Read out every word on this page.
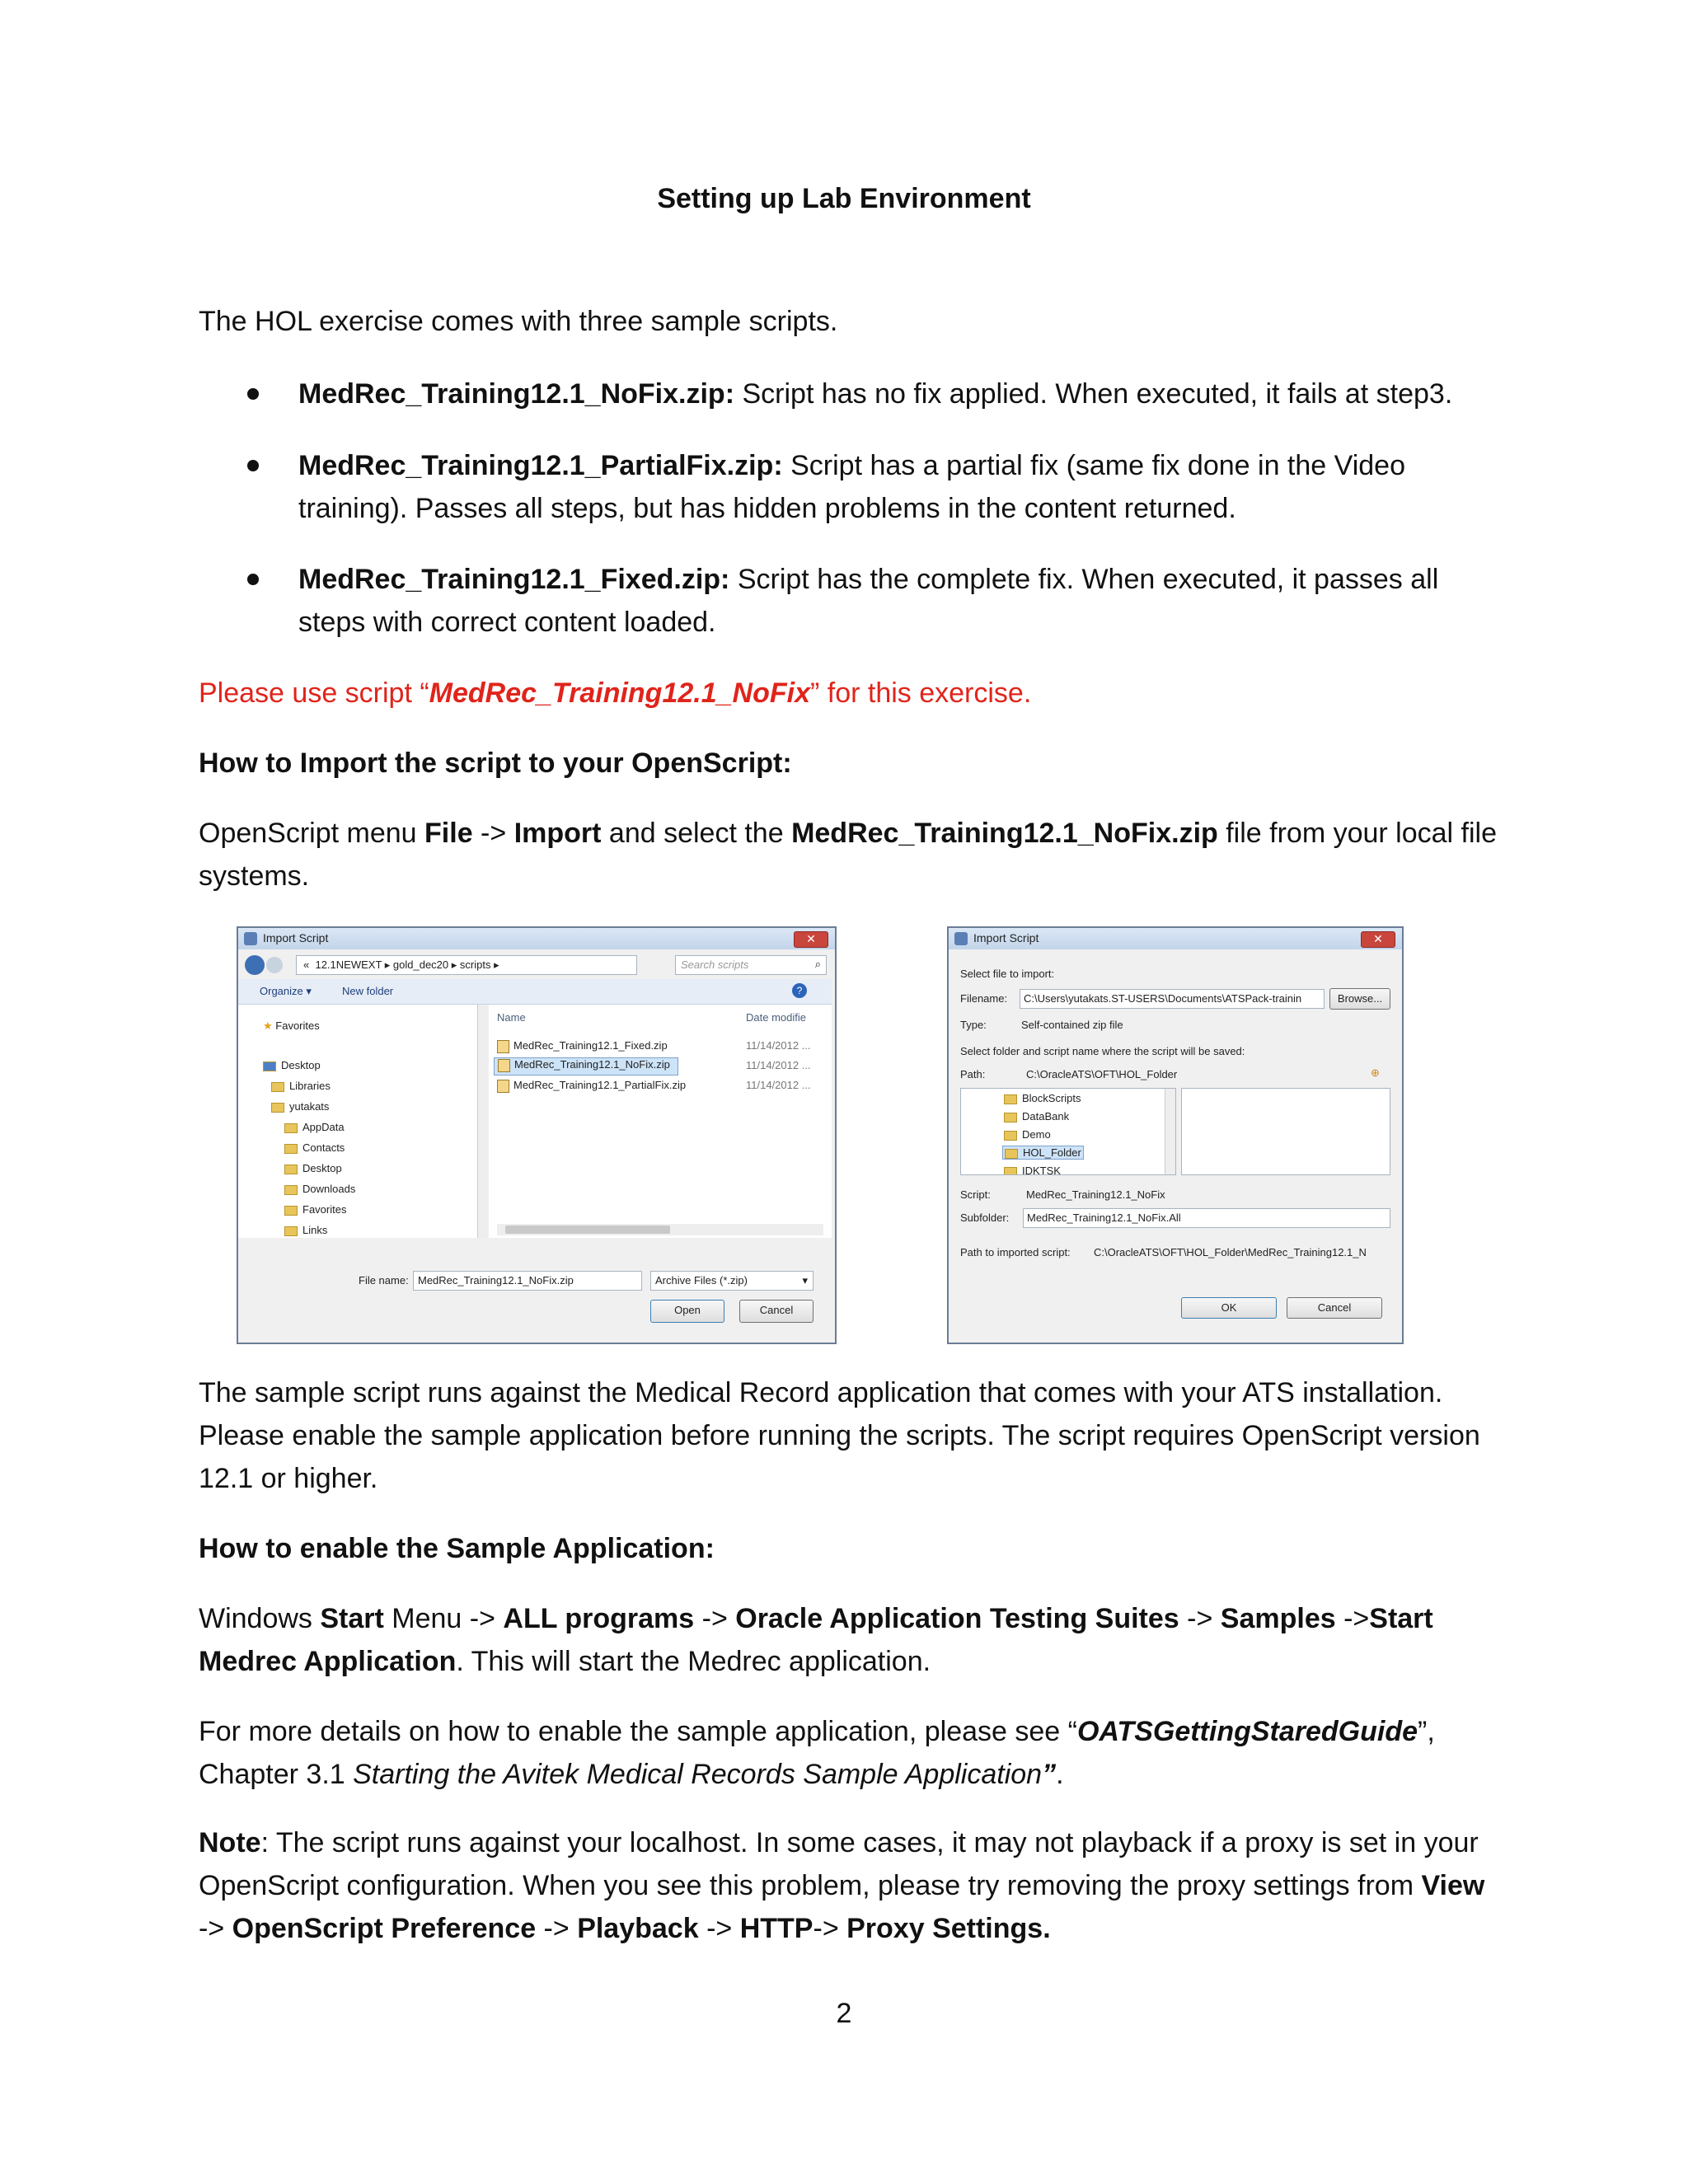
Setting up Lab Environment
The HOL exercise comes with three sample scripts.
MedRec_Training12.1_NoFix.zip: Script has no fix applied. When executed, it fails at step3.
MedRec_Training12.1_PartialFix.zip: Script has a partial fix (same fix done in the Video training). Passes all steps, but has hidden problems in the content returned.
MedRec_Training12.1_Fixed.zip: Script has the complete fix. When executed, it passes all steps with correct content loaded.
Please use script “MedRec_Training12.1_NoFix” for this exercise.
How to Import the script to your OpenScript:
OpenScript menu File -> Import and select the MedRec_Training12.1_NoFix.zip file from your local file systems.
Import Script	✕
« 12.1NEWEXT ▸ gold_dec20 ▸ scripts ▸	Search scripts	⌕
Organize ▾	New folder	?
★ Favorites
Desktop
Libraries
yutakats
AppData
Contacts
Desktop
Downloads
Favorites
Links
Name	Date modifie
MedRec_Training12.1_Fixed.zip	11/14/2012 ...
MedRec_Training12.1_NoFix.zip	11/14/2012 ...
MedRec_Training12.1_PartialFix.zip	11/14/2012 ...
File name: MedRec_Training12.1_NoFix.zip	Archive Files (*.zip)	▾
Open	Cancel
Import Script	✕
Select file to import:
Filename: C:\Users\yutakats.ST-USERS\Documents\ATSPack-trainin	Browse...
Type:	Self-contained zip file
Select folder and script name where the script will be saved:
Path:	C:\OracleATS\OFT\HOL_Folder	⊕
BlockScripts
DataBank
Demo
HOL_Folder
IDKTSK
Script:	MedRec_Training12.1_NoFix
Subfolder: MedRec_Training12.1_NoFix.All
Path to imported script: C:\OracleATS\OFT\HOL_Folder\MedRec_Training12.1_N
OK	Cancel
The sample script runs against the Medical Record application that comes with your ATS installation. Please enable the sample application before running the scripts. The script requires OpenScript version 12.1 or higher.
How to enable the Sample Application:
Windows Start Menu -> ALL programs -> Oracle Application Testing Suites -> Samples ->Start Medrec Application. This will start the Medrec application.
For more details on how to enable the sample application, please see “OATSGettingStaredGuide”, Chapter 3.1 Starting the Avitek Medical Records Sample Application”.
Note: The script runs against your localhost. In some cases, it may not playback if a proxy is set in your OpenScript configuration. When you see this problem, please try removing the proxy settings from View -> OpenScript Preference -> Playback -> HTTP-> Proxy Settings.
2
